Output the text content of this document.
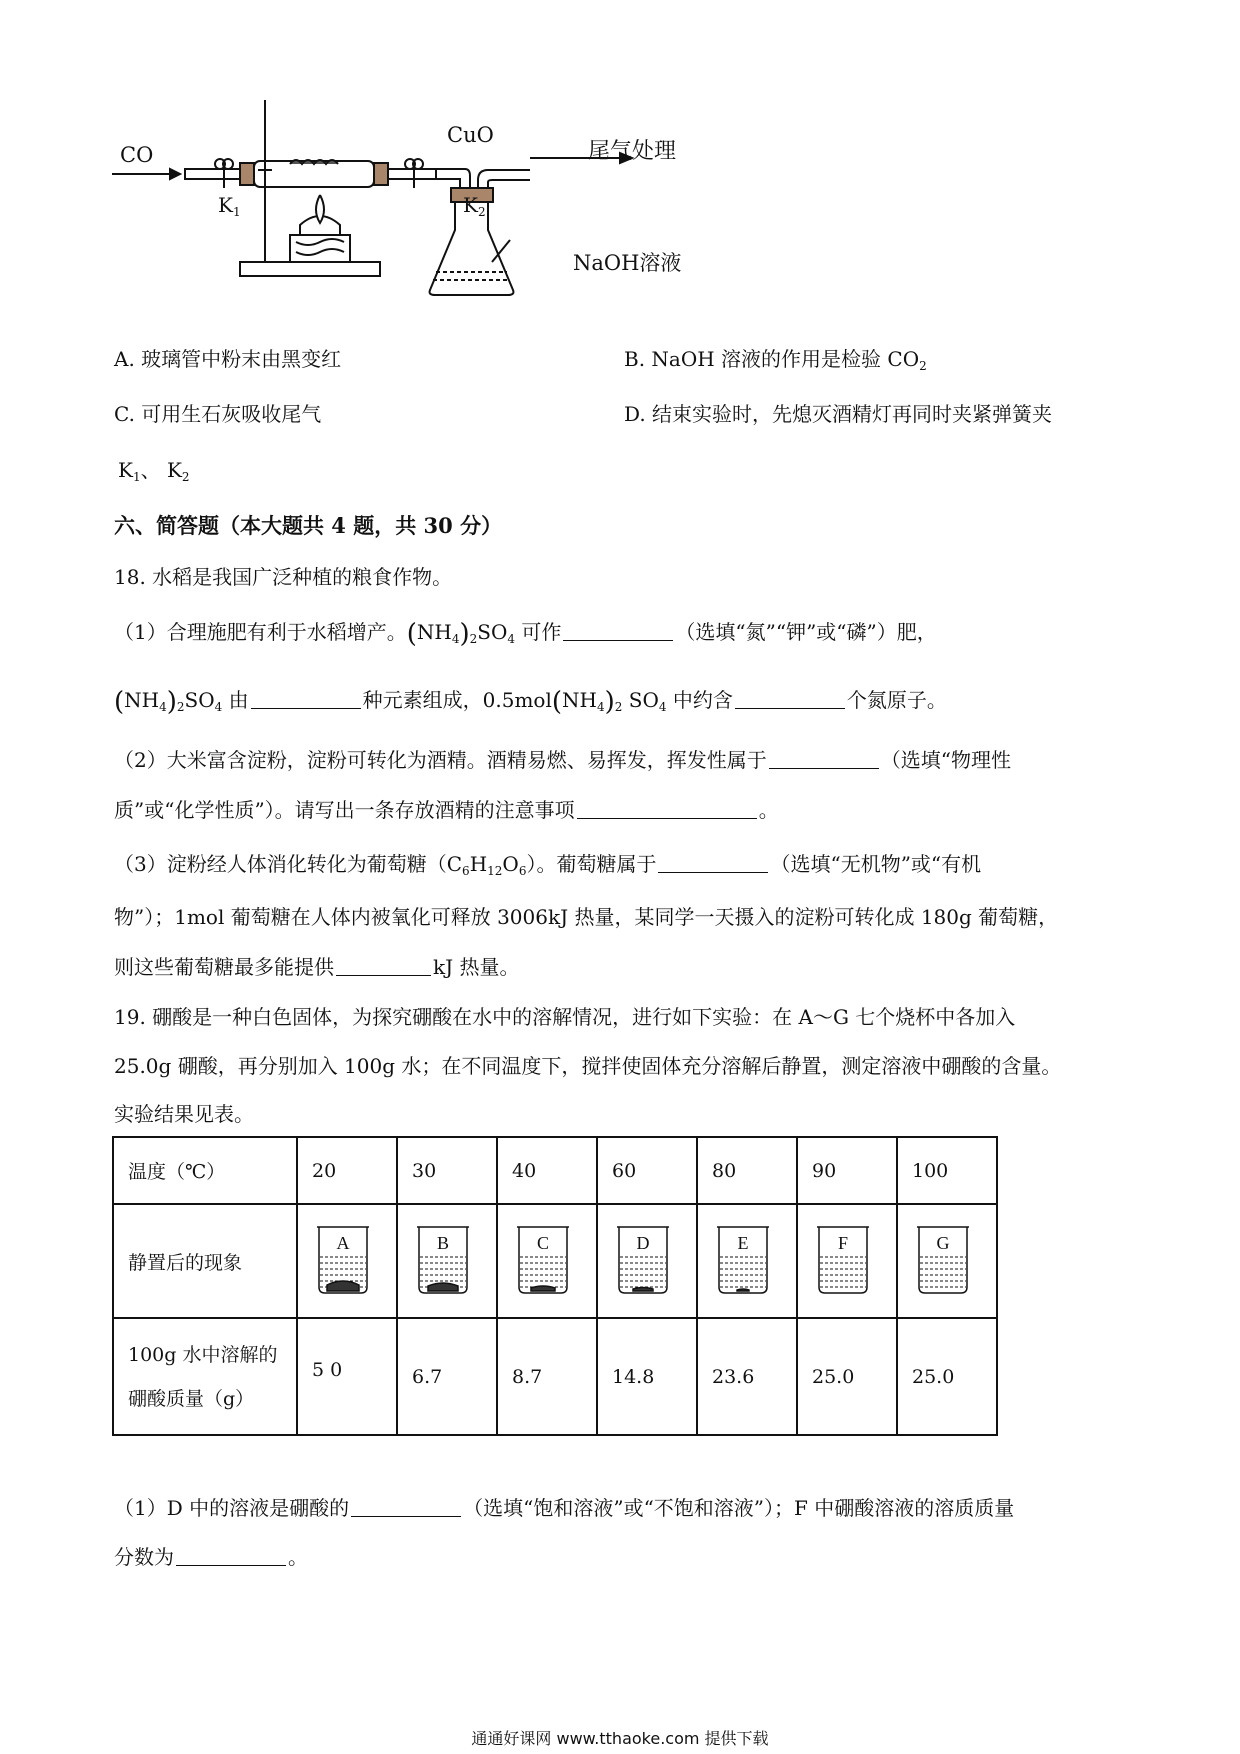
CO
CuO
尾气处理
$K_1$	$K_2$
NaOH溶液
A. 玻璃管中粉末由黑变红	B. NaOH 溶液的作用是检验 $CO_2$
C. 可用生石灰吸收尾气	D. 结束实验时，先熄灭酒精灯再同时夹紧弹簧夹
$K_1$、 $K_2$
六、简答题（本大题共 4 题，共 30 分）
18. 水稻是我国广泛种植的粮食作物。
（1）合理施肥有利于水稻增产。$(NH_4)_2SO_4$ 可作	（选填“氮”“钾”或“磷”）肥，
$(NH_4)_2SO_4$ 由	种元素组成，$0.5mol(NH_4)_2$ $SO_4$ 中约含	个氮原子。
（2）大米富含淀粉，淀粉可转化为酒精。酒精易燃、易挥发，挥发性属于	（选填“物理性
质”或“化学性质”）。请写出一条存放酒精的注意事项	。
（3）淀粉经人体消化转化为葡萄糖$(C_6H_{12}O_6)$。葡萄糖属于	（选填“无机物”或“有机
物”）；1mol 葡萄糖在人体内被氧化可释放 3006kJ 热量，某同学一天摄入的淀粉可转化成 180g 葡萄糖，
则这些葡萄糖最多能提供	kJ 热量。
19. 硼酸是一种白色固体，为探究硼酸在水中的溶解情况，进行如下实验：在 A～G 七个烧杯中各加入
25.0g 硼酸，再分别加入 100g 水；在不同温度下，搅拌使固体充分溶解后静置，测定溶液中硼酸的含量。
实验结果见表。
温度（℃）	20	30	40	60	80	90	100
静置后的现象	A	B	C	D	E	F	G

100g 水中溶解的
硼酸质量（g）	5 0	6.7	8.7	14.8	23.6	25.0	25.0
（1）D 中的溶液是硼酸的	（选填“饱和溶液”或“不饱和溶液”）；F 中硼酸溶液的溶质质量
分数为	。
通通好课网 www.tthaoke.com 提供下载
